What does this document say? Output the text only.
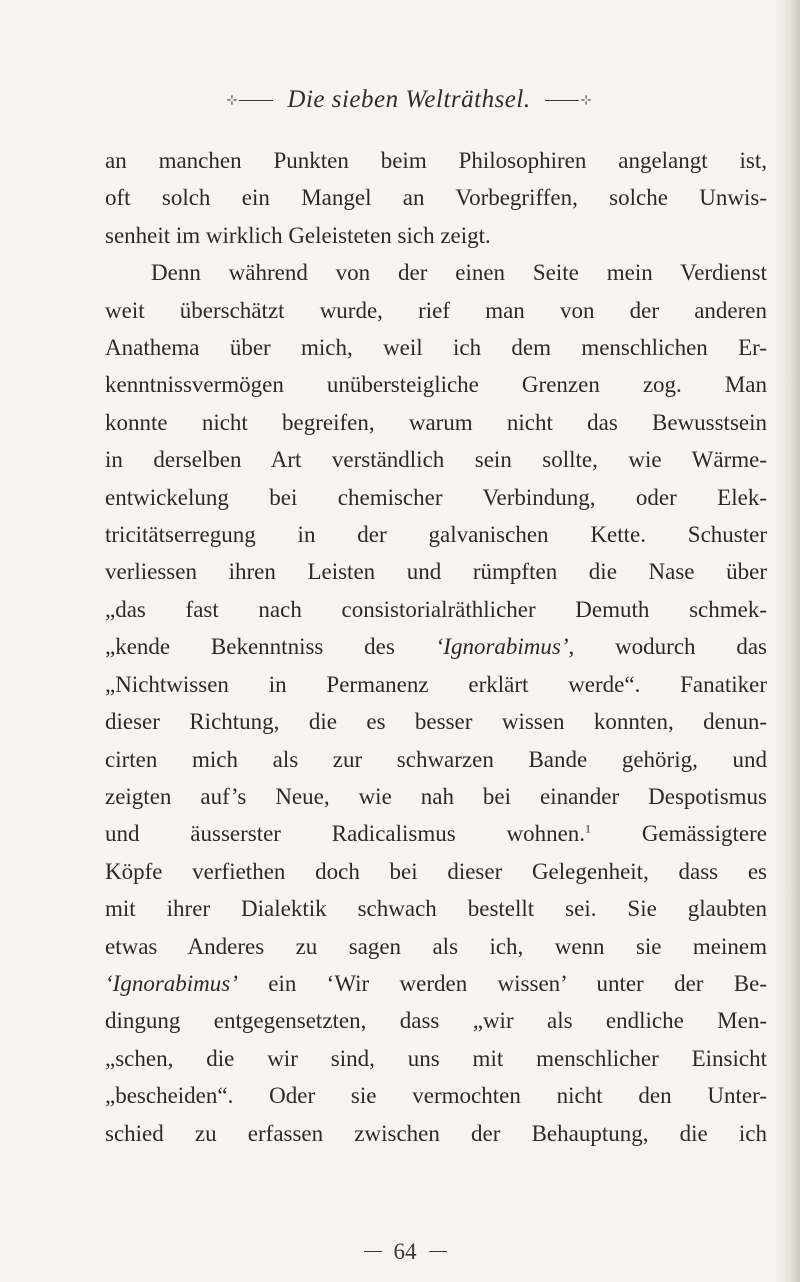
⊹ Die sieben Welträthsel.	⊹
an manchen Punkten beim Philosophiren angelangt ist,
oft solch ein Mangel an Vorbegriffen, solche Unwis-
senheit im wirklich Geleisteten sich zeigt.
Denn während von der einen Seite mein Verdienst
weit überschätzt wurde, rief man von der anderen
Anathema über mich, weil ich dem menschlichen Er-
kenntnissvermögen unübersteigliche Grenzen zog. Man
konnte nicht begreifen, warum nicht das Bewusstsein
in derselben Art verständlich sein sollte, wie Wärme-
entwickelung bei chemischer Verbindung, oder Elek-
tricitätserregung in der galvanischen Kette. Schuster
verliessen ihren Leisten und rümpften die Nase über
„das fast nach consistorialräthlicher Demuth schmek-
„kende Bekenntniss des ‘Ignorabimus’, wodurch das
„Nichtwissen in Permanenz erklärt werde“. Fanatiker
dieser Richtung, die es besser wissen konnten, denun-
cirten mich als zur schwarzen Bande gehörig, und
zeigten auf’s Neue, wie nah bei einander Despotismus
und äusserster Radicalismus wohnen.$^1$ Gemässigtere
Köpfe verfiethen doch bei dieser Gelegenheit, dass es
mit ihrer Dialektik schwach bestellt sei. Sie glaubten
etwas Anderes zu sagen als ich, wenn sie meinem
‘Ignorabimus’ ein ‘Wir werden wissen’ unter der Be-
dingung entgegensetzten, dass „wir als endliche Men-
„schen, die wir sind, uns mit menschlicher Einsicht
„bescheiden“. Oder sie vermochten nicht den Unter-
schied zu erfassen zwischen der Behauptung, die ich
64
